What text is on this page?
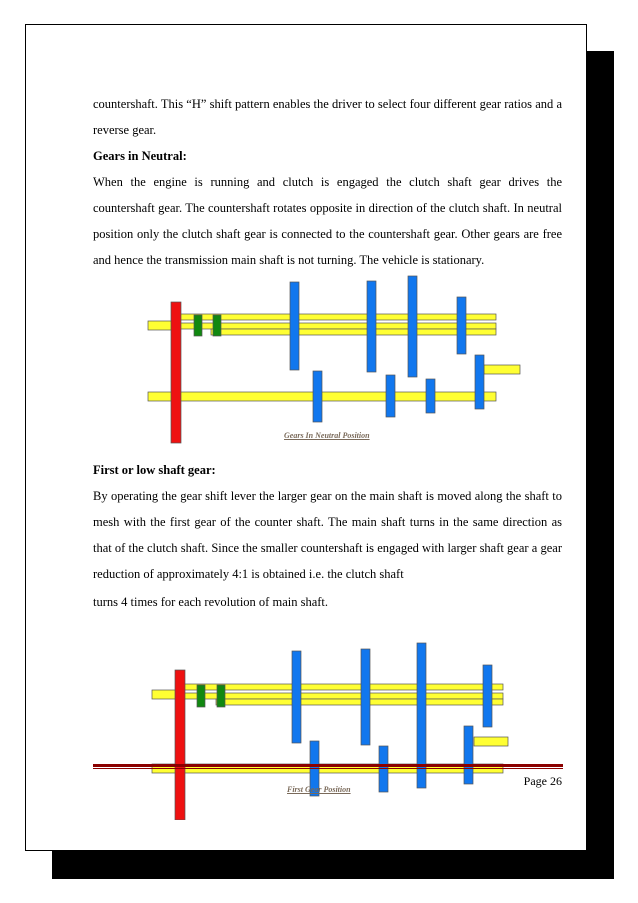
countershaft. This “H” shift pattern enables the driver to select four different gear ratios and a reverse gear.

Gears in Neutral:

When the engine is running and clutch is engaged the clutch shaft gear drives the countershaft gear. The countershaft rotates opposite in direction of the clutch shaft. In neutral position only the clutch shaft gear is connected to the countershaft gear. Other gears are free and hence the transmission main shaft is not turning. The vehicle is stationary.

Gears In Neutral Position

First or low shaft gear:

By operating the gear shift lever the larger gear on the main shaft is moved along the shaft to mesh with the first gear of the counter shaft. The main shaft turns in the same direction as that of the clutch shaft. Since the smaller countershaft is engaged with larger shaft gear a gear reduction of approximately 4:1 is obtained i.e. the clutch shaft

turns 4 times for each revolution of main shaft.

Page 26
First Gear Position
